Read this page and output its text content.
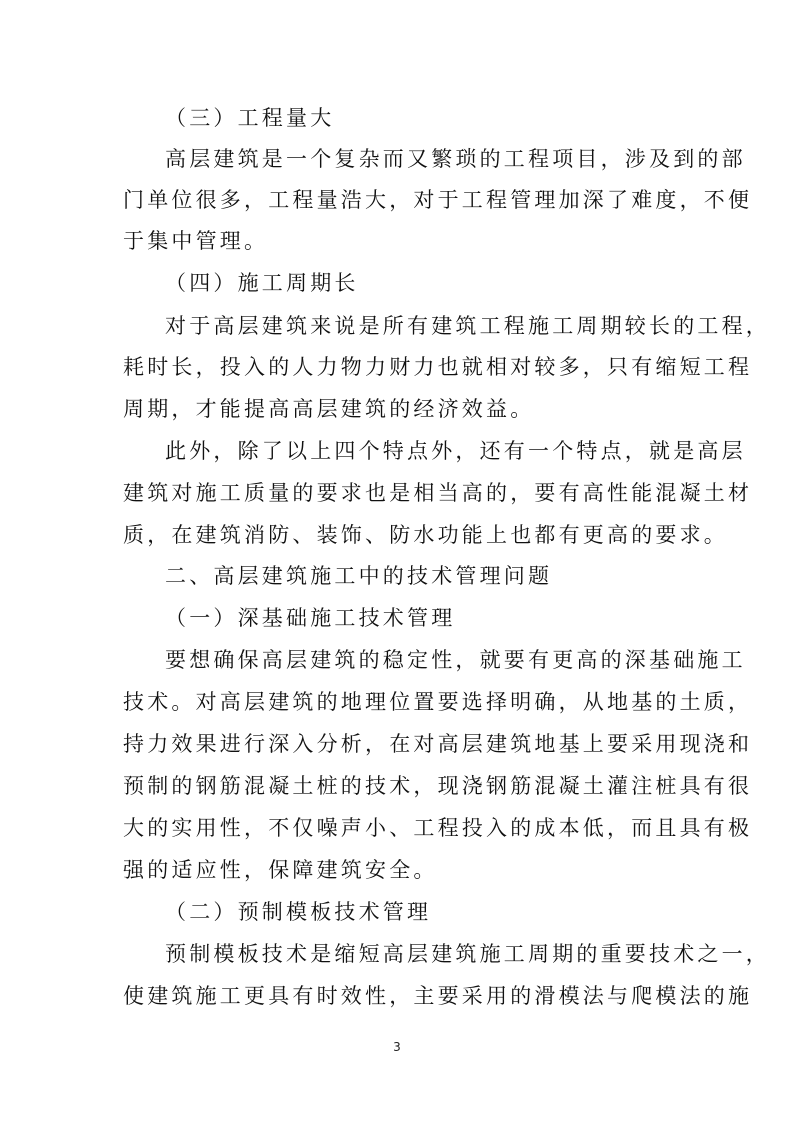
（三）工程量大
高层建筑是一个复杂而又繁琐的工程项目，涉及到的部
门单位很多，工程量浩大，对于工程管理加深了难度，不便
于集中管理。
（四）施工周期长
对于高层建筑来说是所有建筑工程施工周期较长的工程，
耗时长，投入的人力物力财力也就相对较多，只有缩短工程
周期，才能提高高层建筑的经济效益。
此外，除了以上四个特点外，还有一个特点，就是高层
建筑对施工质量的要求也是相当高的，要有高性能混凝土材
质，在建筑消防、装饰、防水功能上也都有更高的要求。
二、高层建筑施工中的技术管理问题
（一）深基础施工技术管理
要想确保高层建筑的稳定性，就要有更高的深基础施工
技术。对高层建筑的地理位置要选择明确，从地基的土质，
持力效果进行深入分析，在对高层建筑地基上要采用现浇和
预制的钢筋混凝土桩的技术，现浇钢筋混凝土灌注桩具有很
大的实用性，不仅噪声小、工程投入的成本低，而且具有极
强的适应性，保障建筑安全。
（二）预制模板技术管理
预制模板技术是缩短高层建筑施工周期的重要技术之一，
使建筑施工更具有时效性，主要采用的滑模法与爬模法的施
3
